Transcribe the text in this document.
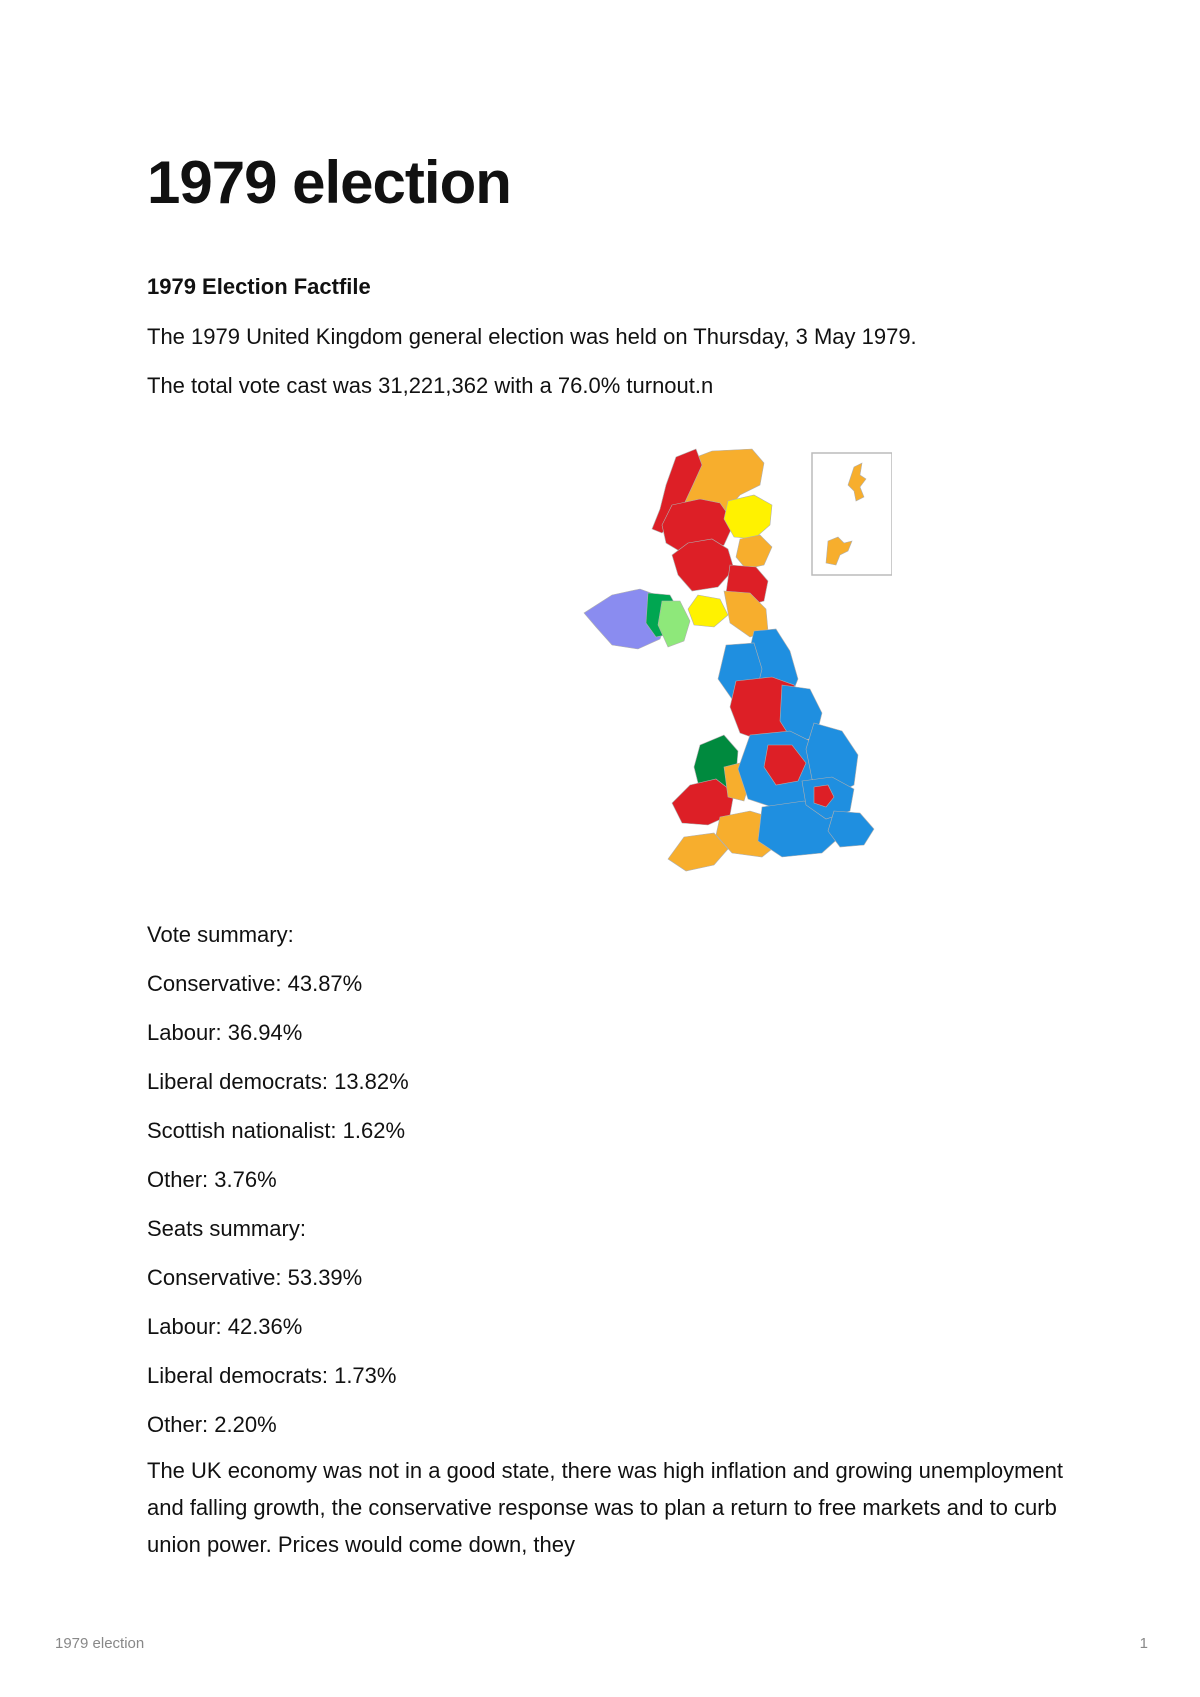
1979 election

1979 Election Factfile

The 1979 United Kingdom general election was held on Thursday, 3 May 1979.

The total vote cast was 31,221,362 with a 76.0% turnout.n

Vote summary:

Conservative: 43.87%

Labour: 36.94%

Liberal democrats: 13.82%

Scottish nationalist: 1.62%

Other: 3.76%

Seats summary:

Conservative: 53.39%

Labour: 42.36%

Liberal democrats: 1.73%

Other: 2.20%

The UK economy was not in a good state, there was high inflation and growing unemployment and falling growth, the conservative response was to plan a return to free markets and to curb union power. Prices would come down, they

1979 election	1
